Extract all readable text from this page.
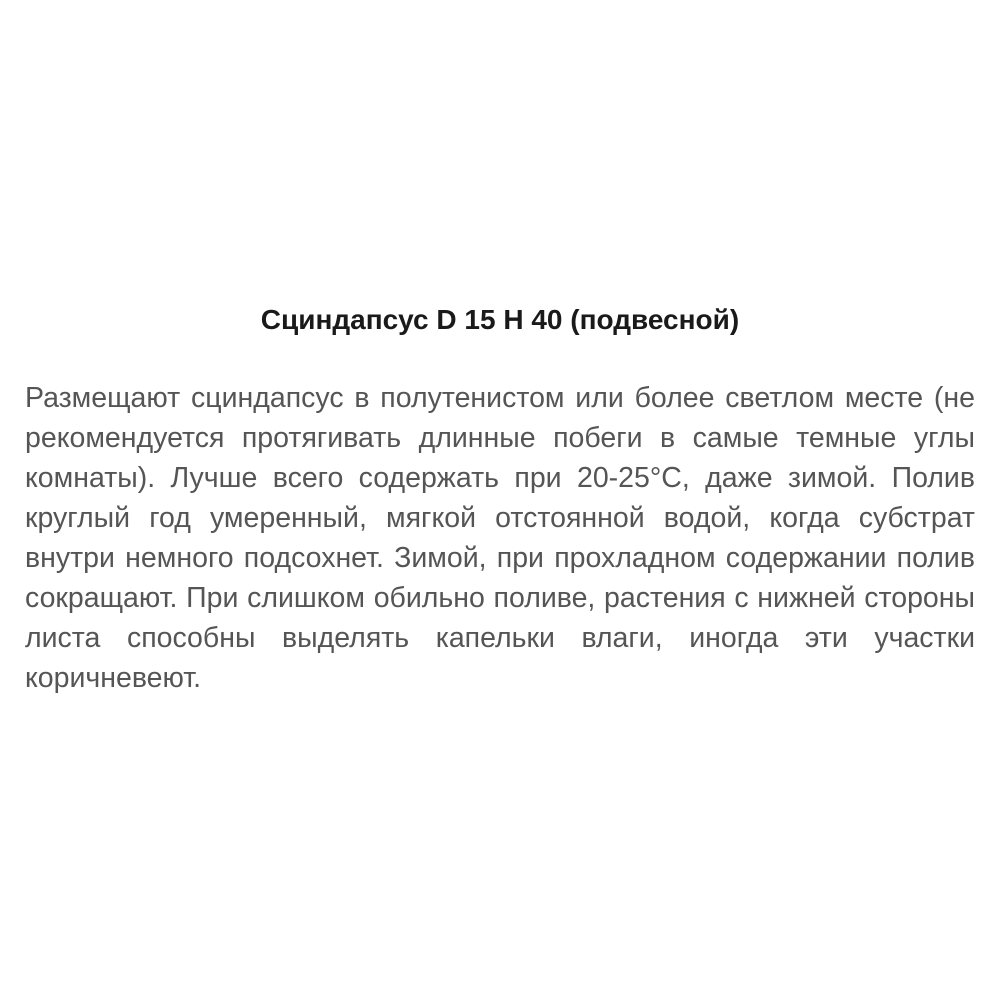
Сциндапсус D 15 H 40 (подвесной)

Размещают сциндапсус в полутенистом или более светлом месте (не рекомендуется протягивать длинные побеги в самые темные углы комнаты). Лучше всего содержать при 20-25°С, даже зимой. Полив круглый год умеренный, мягкой отстоянной водой, когда субстрат внутри немного подсохнет. Зимой, при прохладном содержании полив сокращают. При слишком обильно поливе, растения с нижней стороны листа способны выделять капельки влаги, иногда эти участки коричневеют.
